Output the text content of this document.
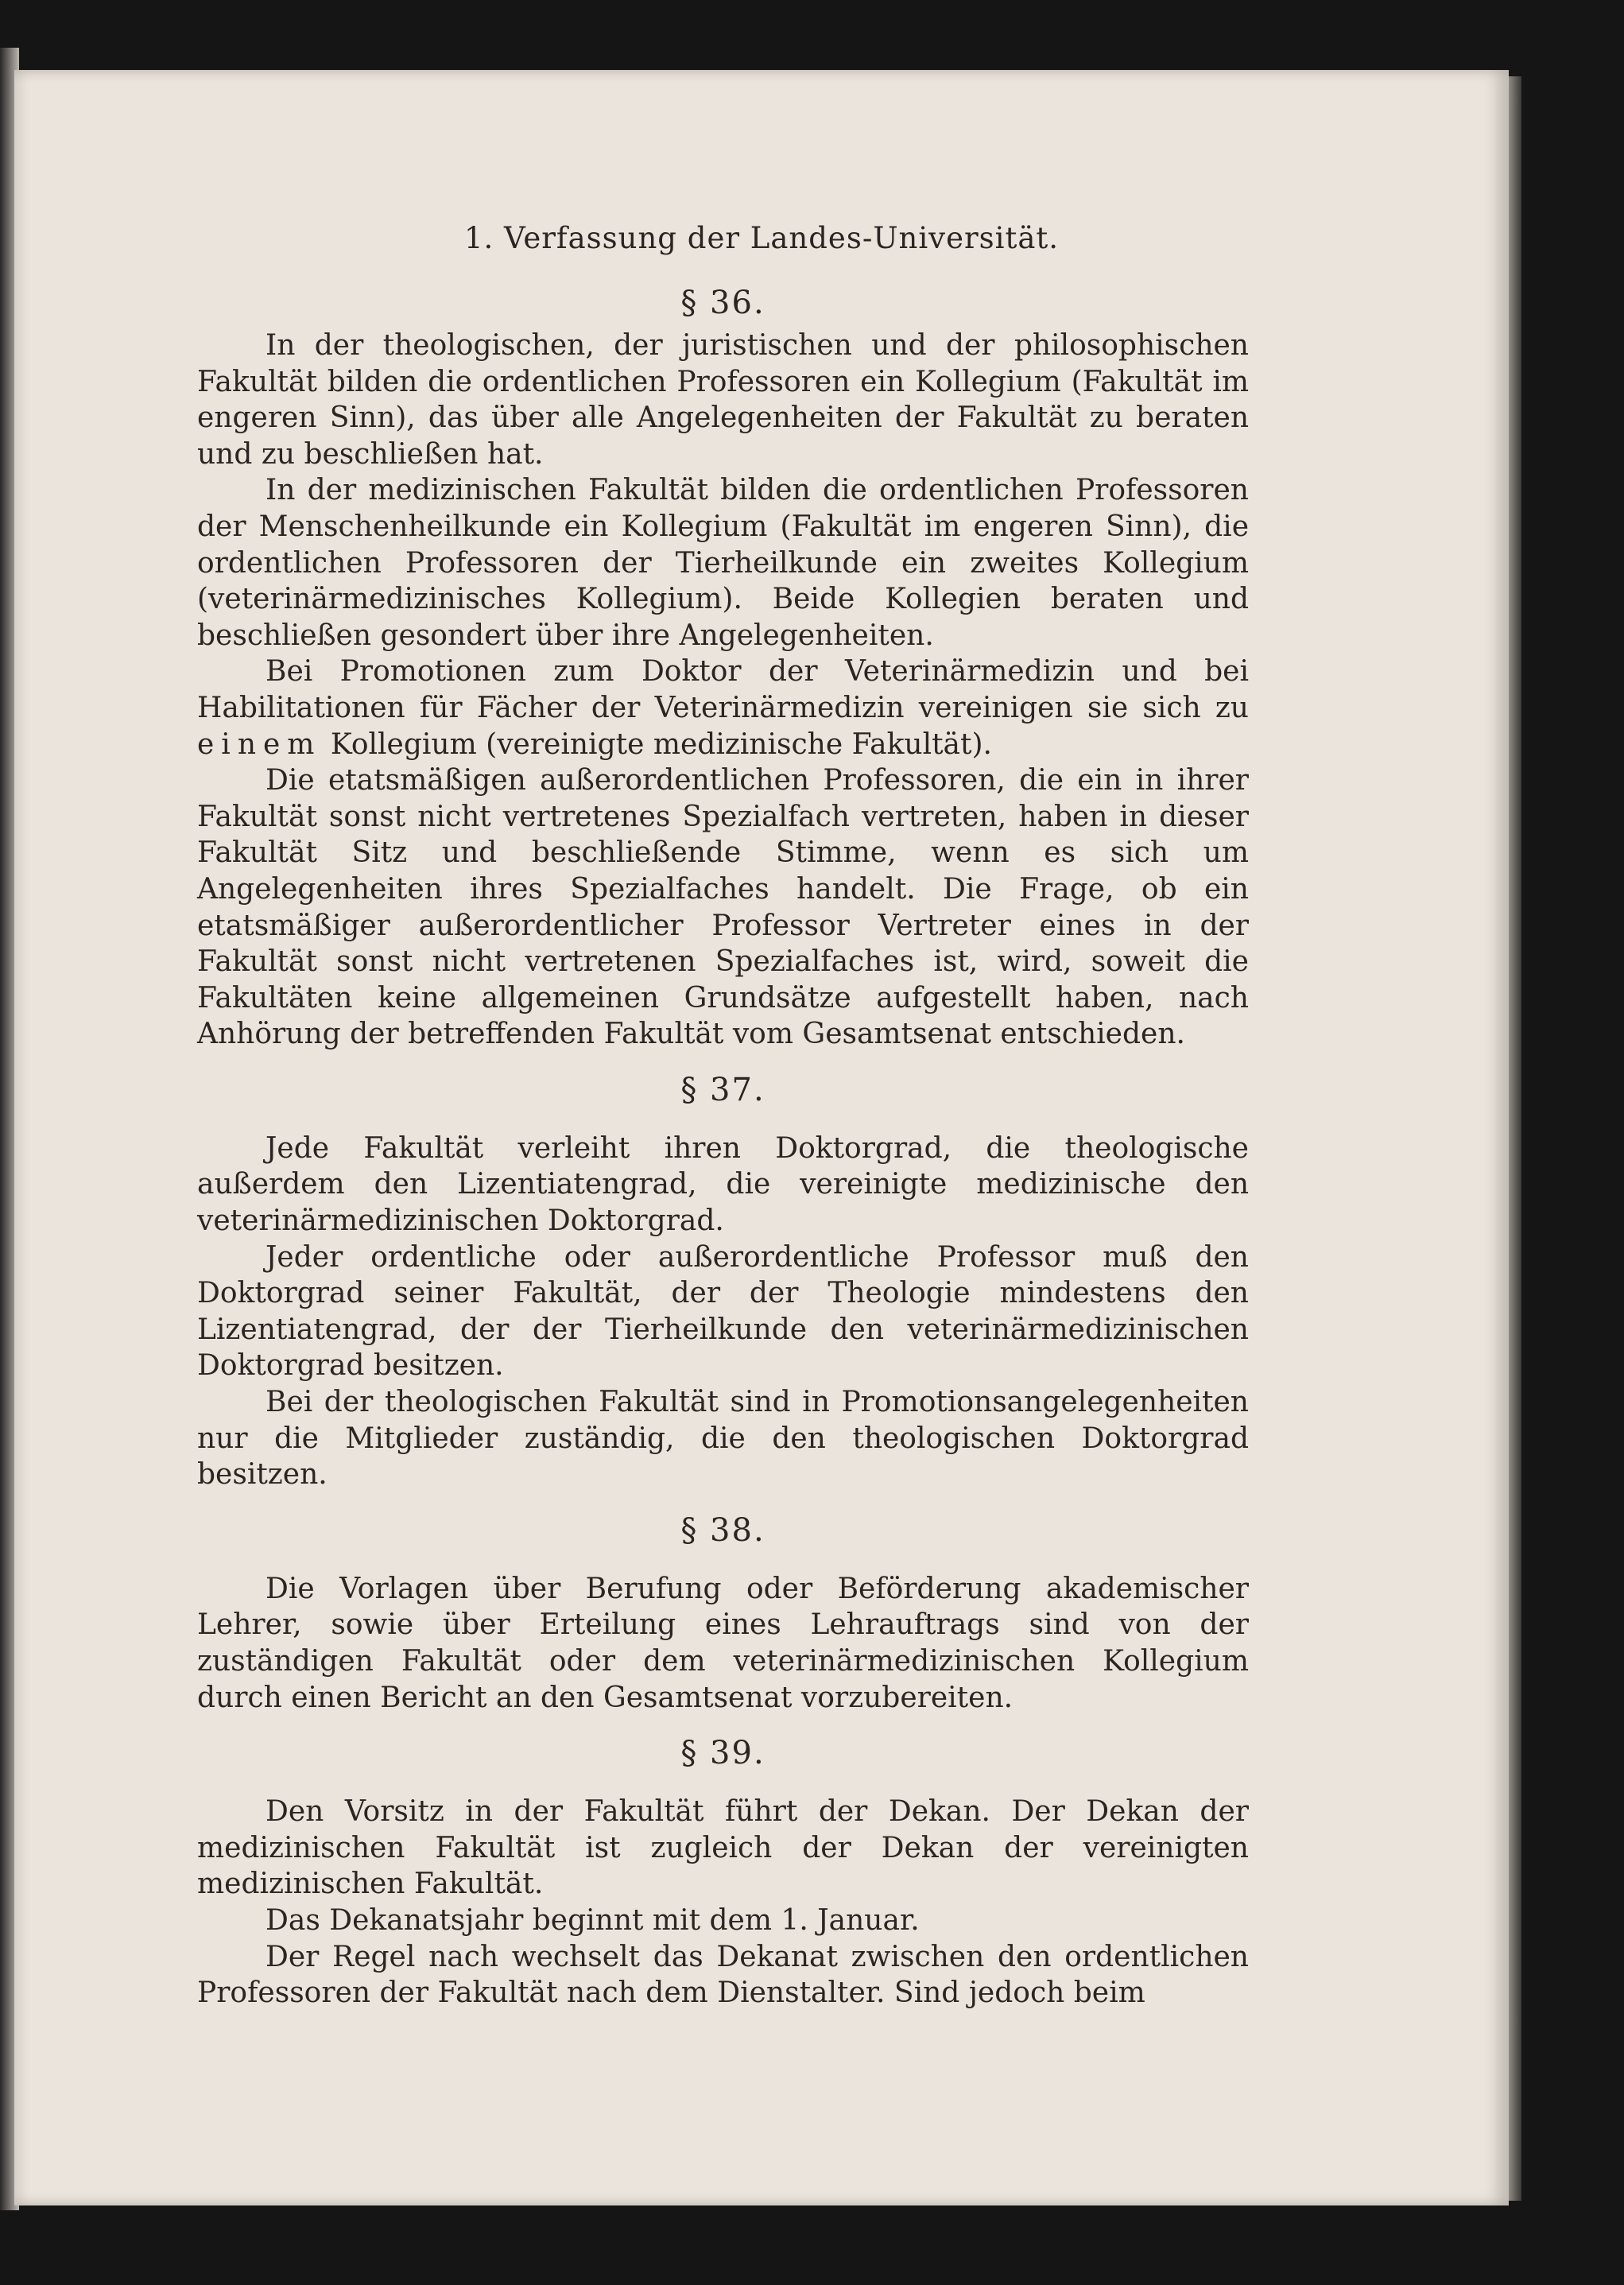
1. Verfassung der Landes-Universität.
§ 36.

In der theologischen, der juristischen und der philosophischen Fakultät bilden die ordentlichen Professoren ein Kollegium (Fakultät im engeren Sinn), das über alle Angelegenheiten der Fakultät zu beraten und zu beschließen hat.

In der medizinischen Fakultät bilden die ordentlichen Professoren der Menschenheilkunde ein Kollegium (Fakultät im engeren Sinn), die ordentlichen Professoren der Tierheilkunde ein zweites Kollegium (veterinärmedizinisches Kollegium). Beide Kollegien beraten und beschließen gesondert über ihre Angelegenheiten.

Bei Promotionen zum Doktor der Veterinärmedizin und bei Habilitationen für Fächer der Veterinärmedizin vereinigen sie sich zu einem Kollegium (vereinigte medizinische Fakultät).

Die etatsmäßigen außerordentlichen Professoren, die ein in ihrer Fakultät sonst nicht vertretenes Spezialfach vertreten, haben in dieser Fakultät Sitz und beschließende Stimme, wenn es sich um Angelegenheiten ihres Spezialfaches handelt. Die Frage, ob ein etatsmäßiger außerordentlicher Professor Vertreter eines in der Fakultät sonst nicht vertretenen Spezialfaches ist, wird, soweit die Fakultäten keine allgemeinen Grundsätze aufgestellt haben, nach Anhörung der betreffenden Fakultät vom Gesamtsenat entschieden.

§ 37.

Jede Fakultät verleiht ihren Doktorgrad, die theologische außerdem den Lizentiatengrad, die vereinigte medizinische den veterinärmedizinischen Doktorgrad.

Jeder ordentliche oder außerordentliche Professor muß den Doktorgrad seiner Fakultät, der der Theologie mindestens den Lizentiatengrad, der der Tierheilkunde den veterinärmedizinischen Doktorgrad besitzen.

Bei der theologischen Fakultät sind in Promotionsangelegenheiten nur die Mitglieder zuständig, die den theologischen Doktorgrad besitzen.

§ 38.

Die Vorlagen über Berufung oder Beförderung akademischer Lehrer, sowie über Erteilung eines Lehrauftrags sind von der zuständigen Fakultät oder dem veterinärmedizinischen Kollegium durch einen Bericht an den Gesamtsenat vorzubereiten.

§ 39.

Den Vorsitz in der Fakultät führt der Dekan. Der Dekan der medizinischen Fakultät ist zugleich der Dekan der vereinigten medizinischen Fakultät.

Das Dekanatsjahr beginnt mit dem 1. Januar.

Der Regel nach wechselt das Dekanat zwischen den ordentlichen Professoren der Fakultät nach dem Dienstalter. Sind jedoch beim
